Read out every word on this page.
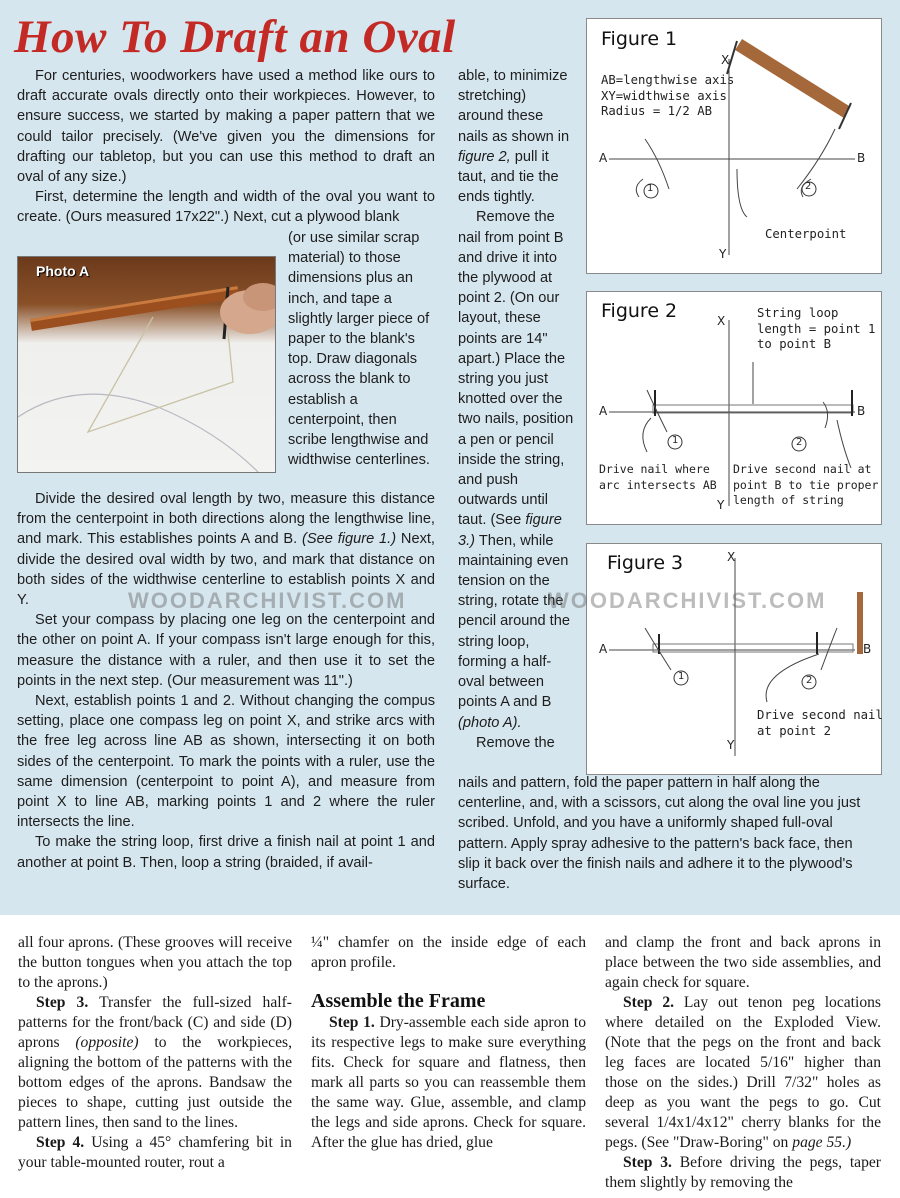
How To Draft an Oval

For centuries, woodworkers have used a method like ours to draft accurate ovals directly onto their workpieces. However, to ensure success, we started by making a paper pattern that we could tailor precisely. (We've given you the dimensions for drafting our tabletop, but you can use this method to draft an oval of any size.)

First, determine the length and width of the oval you want to create. (Ours measured 17x22".) Next, cut a plywood blank

Photo A

(or use similar scrap material) to those dimensions plus an inch, and tape a slightly larger piece of paper to the blank's top. Draw diagonals across the blank to establish a centerpoint, then scribe lengthwise and widthwise centerlines.

Divide the desired oval length by two, measure this distance from the centerpoint in both directions along the lengthwise line, and mark. This establishes points A and B. (See figure 1.) Next, divide the desired oval width by two, and mark that distance on both sides of the widthwise centerline to establish points X and Y.

Set your compass by placing one leg on the centerpoint and the other on point A. If your compass isn't large enough for this, measure the distance with a ruler, and then use it to set the points in the next step. (Our measurement was 11".)

Next, establish points 1 and 2. Without changing the compus setting, place one compass leg on point X, and strike arcs with the free leg across line AB as shown, intersecting it on both sides of the centerpoint. To mark the points with a ruler, use the same dimension (centerpoint to point A), and measure from point X to line AB, marking points 1 and 2 where the ruler intersects the line.

To make the string loop, first drive a finish nail at point 1 and another at point B. Then, loop a string (braided, if avail-

able, to minimize stretching) around these nails as shown in figure 2, pull it taut, and tie the ends tightly.

Remove the nail from point B and drive it into the plywood at point 2. (On our layout, these points are 14" apart.) Place the string you just knotted over the two nails, position a pen or pencil inside the string, and push outwards until taut. (See figure 3.) Then, while maintaining even tension on the string, rotate the pencil around the string loop, forming a half-oval between points A and B (photo A).

Remove the

nails and pattern, fold the paper pattern in half along the centerline, and, with a scissors, cut along the oval line you just scribed. Unfold, and you have a uniformly shaped full-oval pattern. Apply spray adhesive to the pattern's back face, then slip it back over the finish nails and adhere it to the plywood's surface.

Figure 1
AB=lengthwise axis
XY=widthwise axis
Radius = 1/2 AB
A	B
X
Y
1	2
Centerpoint
Figure 2	String loop
length = point 1
to point B
A	B
X
Y
1	2
Drive nail where
arc intersects AB
Drive second nail at
point B to tie proper
length of string
Figure 3
A	B
X
Y
1	2
Drive second nail
at point 2
WOODARCHIVIST.COM	WOODARCHIVIST.COM

all four aprons. (These grooves will receive the button tongues when you attach the top to the aprons.)

Step 3. Transfer the full-sized half-patterns for the front/back (C) and side (D) aprons (opposite) to the workpieces, aligning the bottom of the patterns with the bottom edges of the aprons. Bandsaw the pieces to shape, cutting just outside the pattern lines, then sand to the lines.

Step 4. Using a 45° chamfering bit in your table-mounted router, rout a

¼" chamfer on the inside edge of each apron profile.

Assemble the Frame

Step 1. Dry-assemble each side apron to its respective legs to make sure everything fits. Check for square and flatness, then mark all parts so you can reassemble them the same way. Glue, assemble, and clamp the legs and side aprons. Check for square. After the glue has dried, glue

and clamp the front and back aprons in place between the two side assemblies, and again check for square.

Step 2. Lay out tenon peg locations where detailed on the Exploded View. (Note that the pegs on the front and back leg faces are located 5/16" higher than those on the sides.) Drill 7/32" holes as deep as you want the pegs to go. Cut several 1/4x1/4x12" cherry blanks for the pegs. (See "Draw-Boring" on page 55.)

Step 3. Before driving the pegs, taper them slightly by removing the
